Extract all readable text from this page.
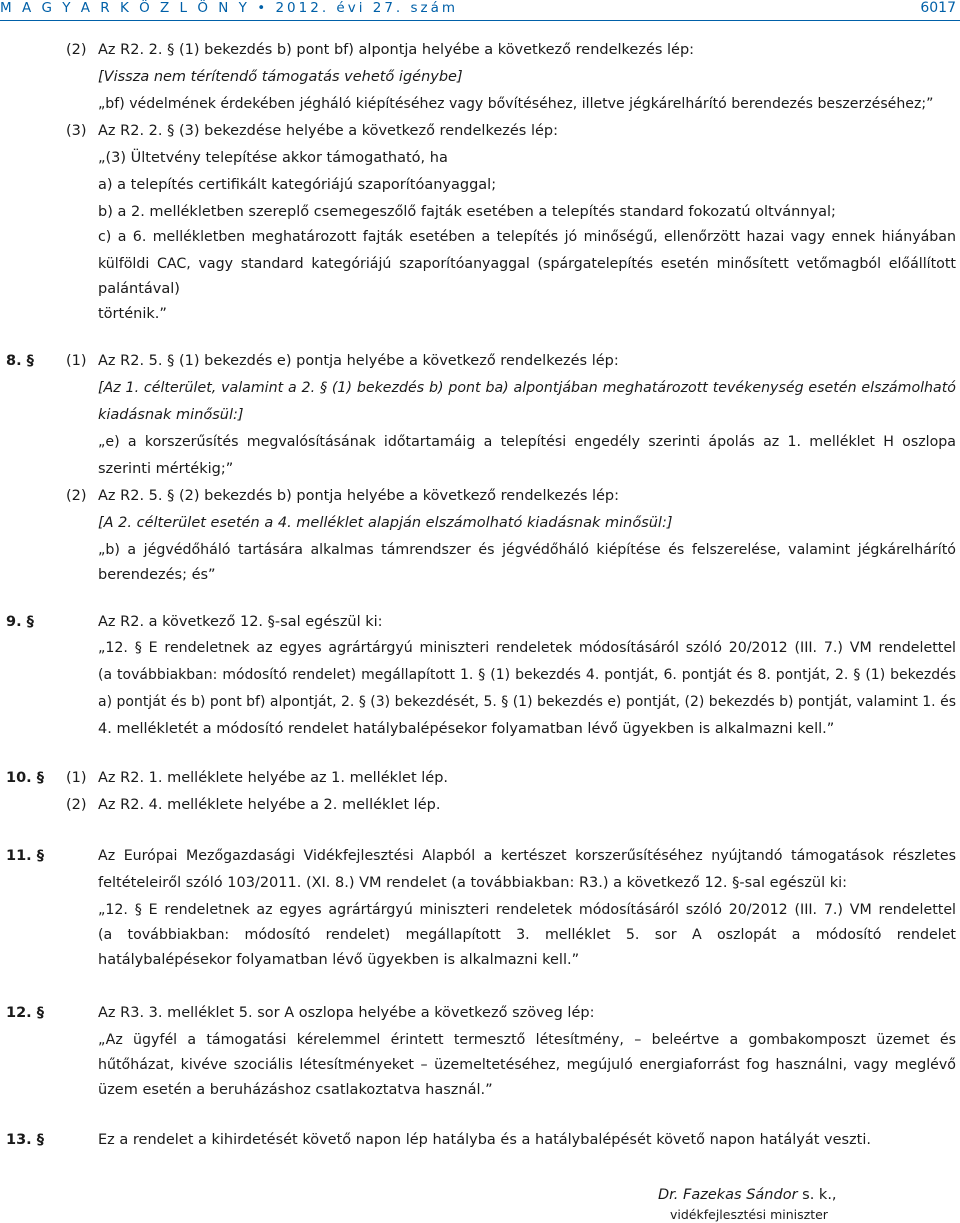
M A G Y A R K Ö Z L Ö N Y • 2012. évi 27. szám	6017
(2) Az R2. 2. § (1) bekezdés b) pont bf) alpontja helyébe a következő rendelkezés lép:
[Vissza nem térítendő támogatás vehető igénybe]
„bf) védelmének érdekében jégháló kiépítéséhez vagy bővítéséhez, illetve jégkárelhárító berendezés beszerzéséhez;”
(3) Az R2. 2. § (3) bekezdése helyébe a következő rendelkezés lép:
„(3) Ültetvény telepítése akkor támogatható, ha
a) a telepítés certifikált kategóriájú szaporítóanyaggal;
b) a 2. mellékletben szereplő csemegeszőlő fajták esetében a telepítés standard fokozatú oltvánnyal;
c) a 6. mellékletben meghatározott fajták esetében a telepítés jó minőségű, ellenőrzött hazai vagy ennek hiányában
külföldi CAC, vagy standard kategóriájú szaporítóanyaggal (spárgatelepítés esetén minősített vetőmagból előállított
palántával)
történik.”
8. § (1) Az R2. 5. § (1) bekezdés e) pontja helyébe a következő rendelkezés lép:
[Az 1. célterület, valamint a 2. § (1) bekezdés b) pont ba) alpontjában meghatározott tevékenység esetén elszámolható
kiadásnak minősül:]
„e) a korszerűsítés megvalósításának időtartamáig a telepítési engedély szerinti ápolás az 1. melléklet H oszlopa
szerinti mértékig;”
(2) Az R2. 5. § (2) bekezdés b) pontja helyébe a következő rendelkezés lép:
[A 2. célterület esetén a 4. melléklet alapján elszámolható kiadásnak minősül:]
„b) a jégvédőháló tartására alkalmas támrendszer és jégvédőháló kiépítése és felszerelése, valamint jégkárelhárító
berendezés; és”
9. §	Az R2. a következő 12. §-sal egészül ki:
„12. § E rendeletnek az egyes agrártárgyú miniszteri rendeletek módosításáról szóló 20/2012 (III. 7.) VM rendelettel
(a továbbiakban: módosító rendelet) megállapított 1. § (1) bekezdés 4. pontját, 6. pontját és 8. pontját, 2. § (1) bekezdés
a) pontját és b) pont bf) alpontját, 2. § (3) bekezdését, 5. § (1) bekezdés e) pontját, (2) bekezdés b) pontját, valamint 1. és
4. mellékletét a módosító rendelet hatálybalépésekor folyamatban lévő ügyekben is alkalmazni kell.”
10. § (1) Az R2. 1. melléklete helyébe az 1. melléklet lép.
(2) Az R2. 4. melléklete helyébe a 2. melléklet lép.
11. §	Az Európai Mezőgazdasági Vidékfejlesztési Alapból a kertészet korszerűsítéséhez nyújtandó támogatások részletes
feltételeiről szóló 103/2011. (XI. 8.) VM rendelet (a továbbiakban: R3.) a következő 12. §-sal egészül ki:
„12. § E rendeletnek az egyes agrártárgyú miniszteri rendeletek módosításáról szóló 20/2012 (III. 7.) VM rendelettel
(a továbbiakban: módosító rendelet) megállapított 3. melléklet 5. sor A oszlopát a módosító rendelet
hatálybalépésekor folyamatban lévő ügyekben is alkalmazni kell.”
12. §	Az R3. 3. melléklet 5. sor A oszlopa helyébe a következő szöveg lép:
„Az ügyfél a támogatási kérelemmel érintett termesztő létesítmény, – beleértve a gombakomposzt üzemet és
hűtőházat, kivéve szociális létesítményeket – üzemeltetéséhez, megújuló energiaforrást fog használni, vagy meglévő
üzem esetén a beruházáshoz csatlakoztatva használ.”
13. §	Ez a rendelet a kihirdetését követő napon lép hatályba és a hatálybalépését követő napon hatályát veszti.
Dr. Fazekas Sándor s. k.,
vidékfejlesztési miniszter
